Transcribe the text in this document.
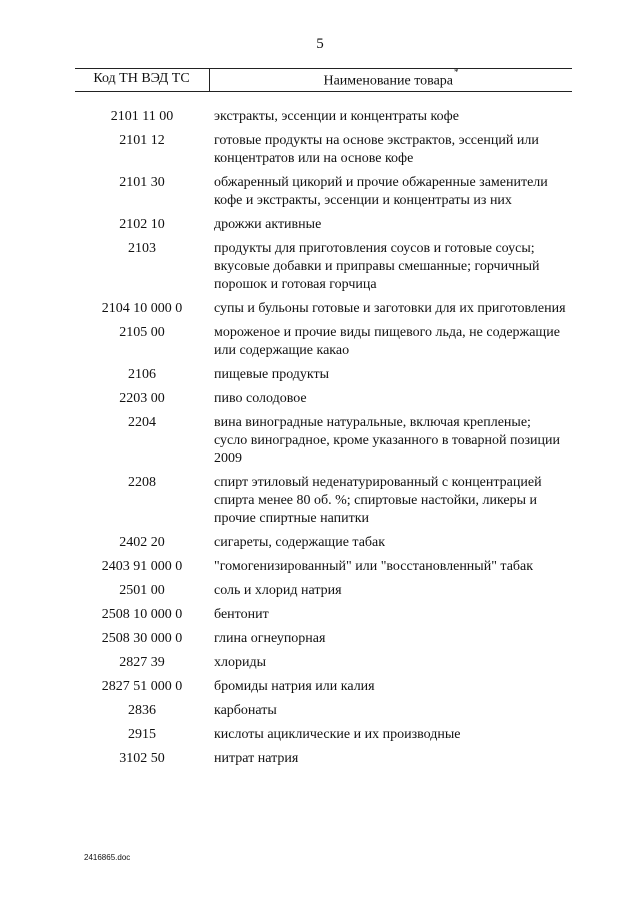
5
Код ТН ВЭД ТС	Наименование товара*
2101 11 00	экстракты, эссенции и концентраты кофе
2101 12	готовые продукты на основе экстрактов, эссенций или концентратов или на основе кофе
2101 30	обжаренный цикорий и прочие обжаренные заменители кофе и экстракты, эссенции и концентраты из них
2102 10	дрожжи активные
2103	продукты для приготовления соусов и готовые соусы; вкусовые добавки и приправы смешанные; горчичный порошок и готовая горчица
2104 10 000 0	супы и бульоны готовые и заготовки для их приготовления
2105 00	мороженое и прочие виды пищевого льда, не содержащие или содержащие какао
2106	пищевые продукты
2203 00	пиво солодовое
2204	вина виноградные натуральные, включая крепленые; сусло виноградное, кроме указанного в товарной позиции 2009
2208	спирт этиловый неденатурированный с концентрацией спирта менее 80 об. %; спиртовые настойки, ликеры и прочие спиртные напитки
2402 20	сигареты, содержащие табак
2403 91 000 0	"гомогенизированный" или "восстановленный" табак
2501 00	соль и хлорид натрия
2508 10 000 0	бентонит
2508 30 000 0	глина огнеупорная
2827 39	хлориды
2827 51 000 0	бромиды натрия или калия
2836	карбонаты
2915	кислоты ациклические и их производные
3102 50	нитрат натрия
2416865.doc
